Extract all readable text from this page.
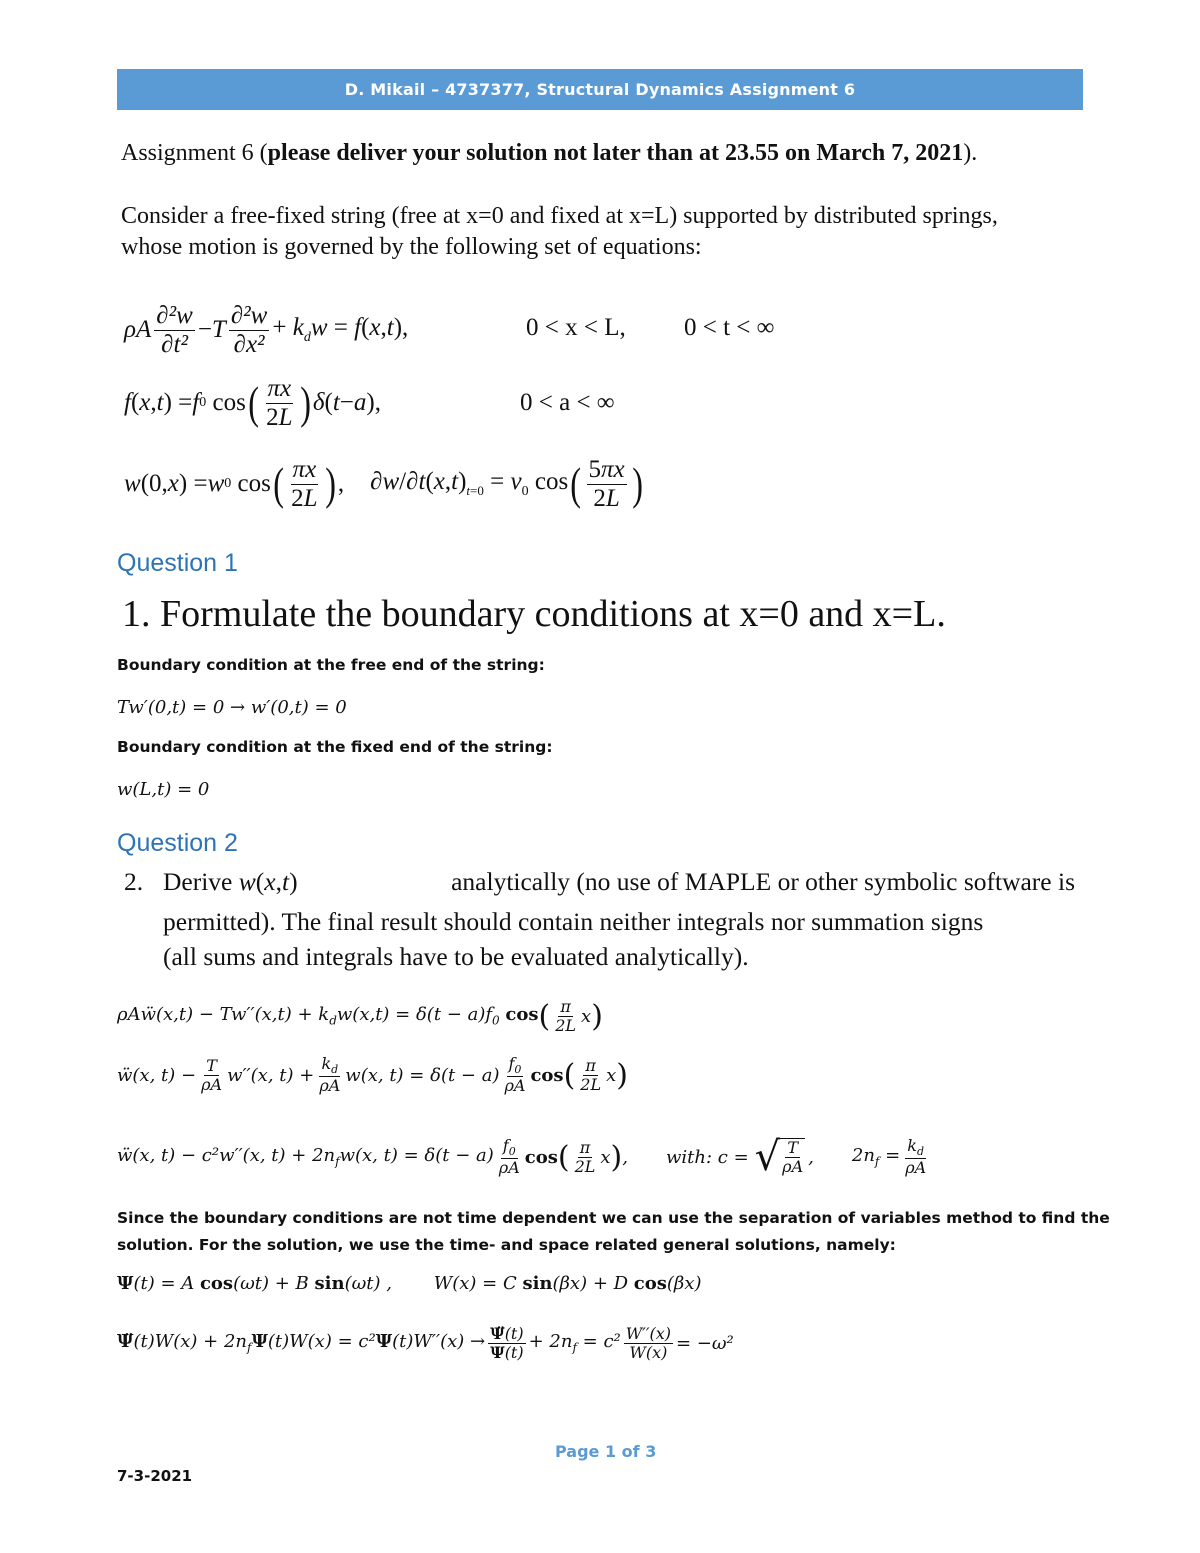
D. Mikail – 4737377, Structural Dynamics Assignment 6
Assignment 6 (please deliver your solution not later than at 23.55 on March 7, 2021).
Consider a free-fixed string (free at x=0 and fixed at x=L) supported by distributed springs,
whose motion is governed by the following set of equations:
ρA $\frac{\text{∂²w}}{\text{∂t²}} -T \frac{\text{∂²w}}{\text{∂x²}} + k_dw = f(x,t)$,	0 < x < L, 0 < t < ∞
f ( x , t ) = f 0 cos ( $\frac{\pi x}{2L}$ ) δ ( t − a ),	0 < a < ∞
w (0, x ) = w 0 cos ( $\frac{\pi x}{2L}$ ) , $\partial w/\partial t(x,t)_{t=0} = v_0$ cos ( $\frac{5\pi x}{2L}$ )
Question 1
1. Formulate the boundary conditions at x=0 and x=L.
Boundary condition at the free end of the string:
Tw′(0,t) = 0 → w′(0,t) = 0
Boundary condition at the fixed end of the string:
w(L,t) = 0
Question 2
2. Derive w(x,t)	analytically (no use of MAPLE or other symbolic software is
permitted). The final result should contain neither integrals nor summation signs
(all sums and integrals have to be evaluated analytically).
ρAẅ(x,t) − $Tw''(x,t) + k_dw(x,t) = \delta(t - a)f_0$ cos ( $\frac{\pi}{2L}$ x )
ẅ(x, $t) - \frac{T}{\rho A} w''(x$, $t) + \frac{k_d}{\rho A} w(x$, $t) = \delta(t - a) \frac{f_0}{\rho A}$ cos ( $\frac{\pi}{2L}$ x )
ẅ(x, t) − c²w′′(x, $t) + 2n_fw(x$, $t) = \delta(t - a) \frac{f_0}{\rho A}$ cos ( $\frac{\pi}{2L}$ x ) , with: c = √ $\frac{T}{\rho A}$ , $2n_f = \frac{k_d}{\rho A}$
Since the boundary conditions are not time dependent we can use the separation of variables method to find the
solution. For the solution, we use the time- and space related general solutions, namely:
Ψ(t) = A cos(ωt) + B sin(ωt) , W(x) = C sin(βx) + D cos(βx)
Ψ̈(t)W(x) + $2n_f\Psi(t)W(x) = c^2\Psi(t)W''(x) \to \frac{\Psï(t)}{\Psi(t)} + 2n_f = c^2 \frac{W''(x)}{W(x)} = -\omega^2$
Page 1 of 3
7-3-2021
